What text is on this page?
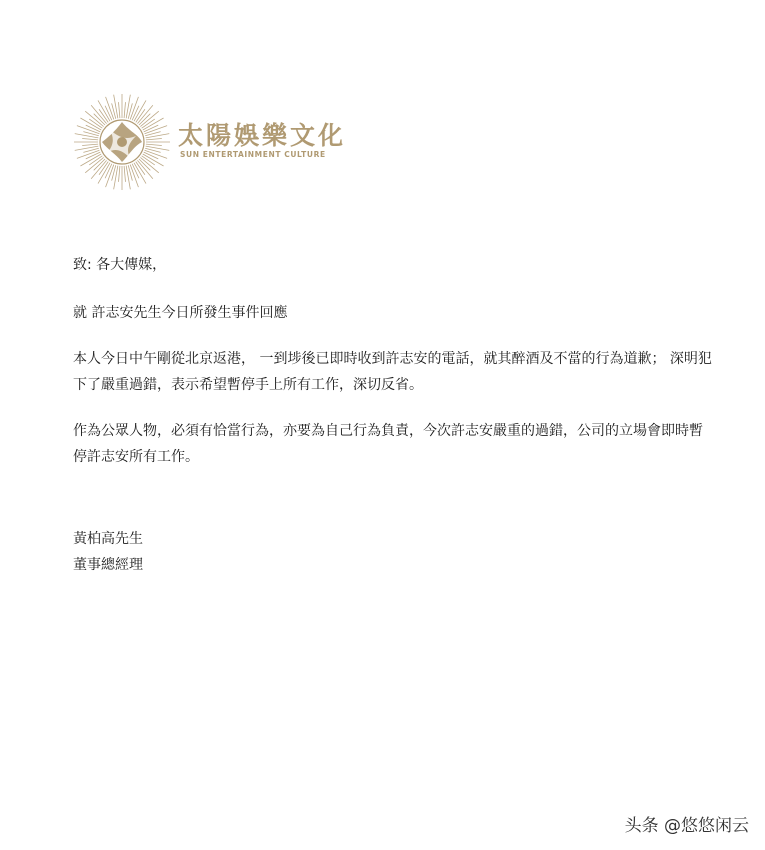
太陽娛樂文化
SUN ENTERTAINMENT CULTURE

致: 各大傳媒，

就 許志安先生今日所發生事件回應

本人今日中午剛從北京返港， 一到埗後已即時收到許志安的電話，就其醉酒及不當的行為道歉； 深明犯下了嚴重過錯，表示希望暫停手上所有工作，深切反省。

作為公眾人物，必須有恰當行為，亦要為自己行為負責，今次許志安嚴重的過錯，公司的立場會即時暫停許志安所有工作。

黃柏高先生

董事總經理

头条 @悠悠闲云
